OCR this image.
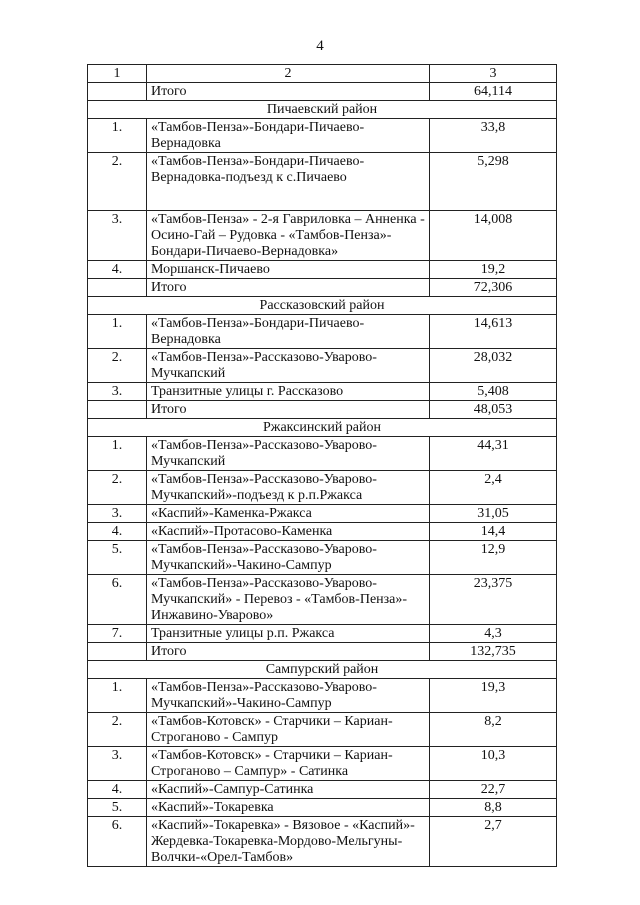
4
1	2	3
	Итого	64,114
Пичаевский район		
1.	«Тамбов-Пенза»-Бондари-Пичаево-Вернадовка	33,8
2.	«Тамбов-Пенза»-Бондари-Пичаево-Вернадовка-подъезд к с.Пичаево	5,298
3.	«Тамбов-Пенза» - 2-я Гавриловка – Анненка - Осино-Гай – Рудовка - «Тамбов-Пенза»-Бондари-Пичаево-Вернадовка»	14,008
4.	Моршанск-Пичаево	19,2
	Итого	72,306
Рассказовский район		
1.	«Тамбов-Пенза»-Бондари-Пичаево-Вернадовка	14,613
2.	«Тамбов-Пенза»-Рассказово-Уварово-Мучкапский	28,032
3.	Транзитные улицы г. Рассказово	5,408
	Итого	48,053
Ржаксинский район		
1.	«Тамбов-Пенза»-Рассказово-Уварово-Мучкапский	44,31
2.	«Тамбов-Пенза»-Рассказово-Уварово-Мучкапский»-подъезд к р.п.Ржакса	2,4
3.	«Каспий»-Каменка-Ржакса	31,05
4.	«Каспий»-Протасово-Каменка	14,4
5.	«Тамбов-Пенза»-Рассказово-Уварово-Мучкапский»-Чакино-Сампур	12,9
6.	«Тамбов-Пенза»-Рассказово-Уварово-Мучкапский» - Перевоз - «Тамбов-Пенза»-Инжавино-Уварово»	23,375
7.	Транзитные улицы р.п. Ржакса	4,3
	Итого	132,735
Сампурский район		
1.	«Тамбов-Пенза»-Рассказово-Уварово-Мучкапский»-Чакино-Сампур	19,3
2.	«Тамбов-Котовск» - Старчики – Кариан-Строганово - Сампур	8,2
3.	«Тамбов-Котовск» - Старчики – Кариан-Строганово – Сампур» - Сатинка	10,3
4.	«Каспий»-Сампур-Сатинка	22,7
5.	«Каспий»-Токаревка	8,8
6.	«Каспий»-Токаревка» - Вязовое - «Каспий»-Жердевка-Токаревка-Мордово-Мельгуны-Волчки-«Орел-Тамбов»	2,7
